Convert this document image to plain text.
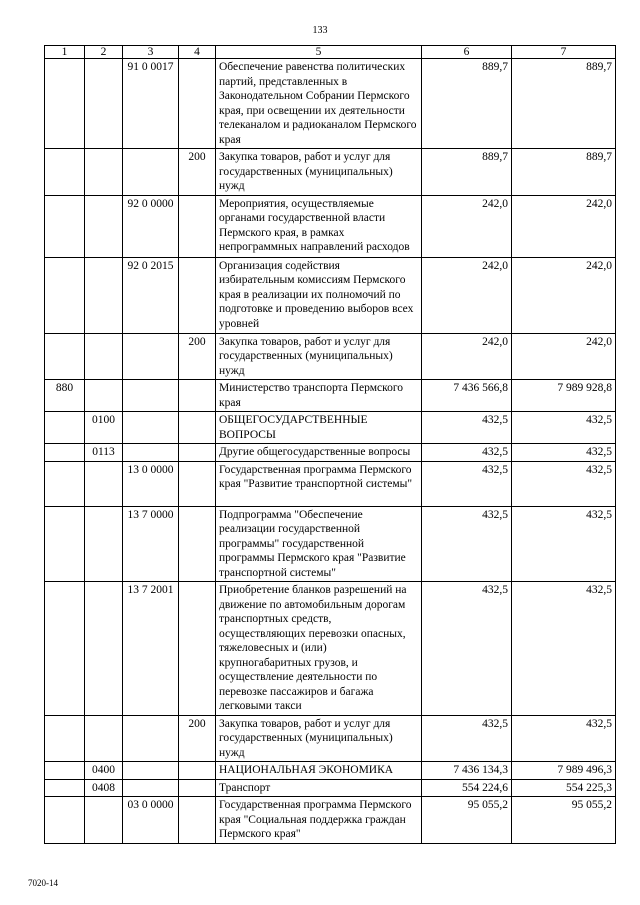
133
1	2	3	4	5	6	7
		91 0 0017		Обеспечение равенства политических партий, представленных в Законодательном Собрании Пермского края, при освещении их деятельности телеканалом и радиоканалом Пермского края	889,7	889,7
			200	Закупка товаров, работ и услуг для государственных (муниципальных) нужд	889,7	889,7
		92 0 0000		Мероприятия, осуществляемые органами государственной власти Пермского края, в рамках непрограммных направлений расходов	242,0	242,0
		92 0 2015		Организация содействия избирательным комиссиям Пермского края в реализации их полномочий по подготовке и проведению выборов всех уровней	242,0	242,0
			200	Закупка товаров, работ и услуг для государственных (муниципальных) нужд	242,0	242,0
880				Министерство транспорта Пермского края	7 436 566,8	7 989 928,8
	0100			ОБЩЕГОСУДАРСТВЕННЫЕ ВОПРОСЫ	432,5	432,5
	0113			Другие общегосударственные вопросы	432,5	432,5
		13 0 0000		Государственная программа Пермского края "Развитие транспортной системы"	432,5	432,5
		13 7 0000		Подпрограмма "Обеспечение реализации государственной программы" государственной программы Пермского края "Развитие транспортной системы"	432,5	432,5
		13 7 2001		Приобретение бланков разрешений на движение по автомобильным дорогам транспортных средств, осуществляющих перевозки опасных, тяжеловесных и (или) крупногабаритных грузов, и осуществление деятельности по перевозке пассажиров и багажа легковыми такси	432,5	432,5
			200	Закупка товаров, работ и услуг для государственных (муниципальных) нужд	432,5	432,5
	0400			НАЦИОНАЛЬНАЯ ЭКОНОМИКА	7 436 134,3	7 989 496,3
	0408			Транспорт	554 224,6	554 225,3
		03 0 0000		Государственная программа Пермского края "Социальная поддержка граждан Пермского края"	95 055,2	95 055,2
7020-14
